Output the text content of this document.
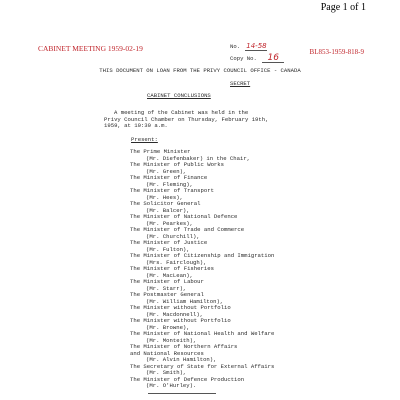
Page 1 of 1
CABINET MEETING 1959-02-19	BL853-1959-818-9
No. 14-58
Copy No. 16
THIS DOCUMENT ON LOAN FROM THE PRIVY COUNCIL OFFICE - CANADA
SECRET
CABINET CONCLUSIONS
A meeting of the Cabinet was held in the
Privy Council Chamber on Thursday, February 19th,
1959, at 10:30 a.m.
Present:
The Prime Minister
(Mr. Diefenbaker) in the Chair,
The Minister of Public Works
(Mr. Green),
The Minister of Finance
(Mr. Fleming),
The Minister of Transport
(Mr. Hees),
The Solicitor General
(Mr. Balcer),
The Minister of National Defence
(Mr. Pearkes),
The Minister of Trade and Commerce
(Mr. Churchill),
The Minister of Justice
(Mr. Fulton),
The Minister of Citizenship and Immigration
(Mrs. Fairclough),
The Minister of Fisheries
(Mr. MacLean),
The Minister of Labour
(Mr. Starr),
The Postmaster General
(Mr. William Hamilton),
The Minister without Portfolio
(Mr. Macdonnell),
The Minister without Portfolio
(Mr. Browne),
The Minister of National Health and Welfare
(Mr. Monteith),
The Minister of Northern Affairs
and National Resources
(Mr. Alvin Hamilton),
The Secretary of State for External Affairs
(Mr. Smith),
The Minister of Defence Production
(Mr. O'Hurley).
